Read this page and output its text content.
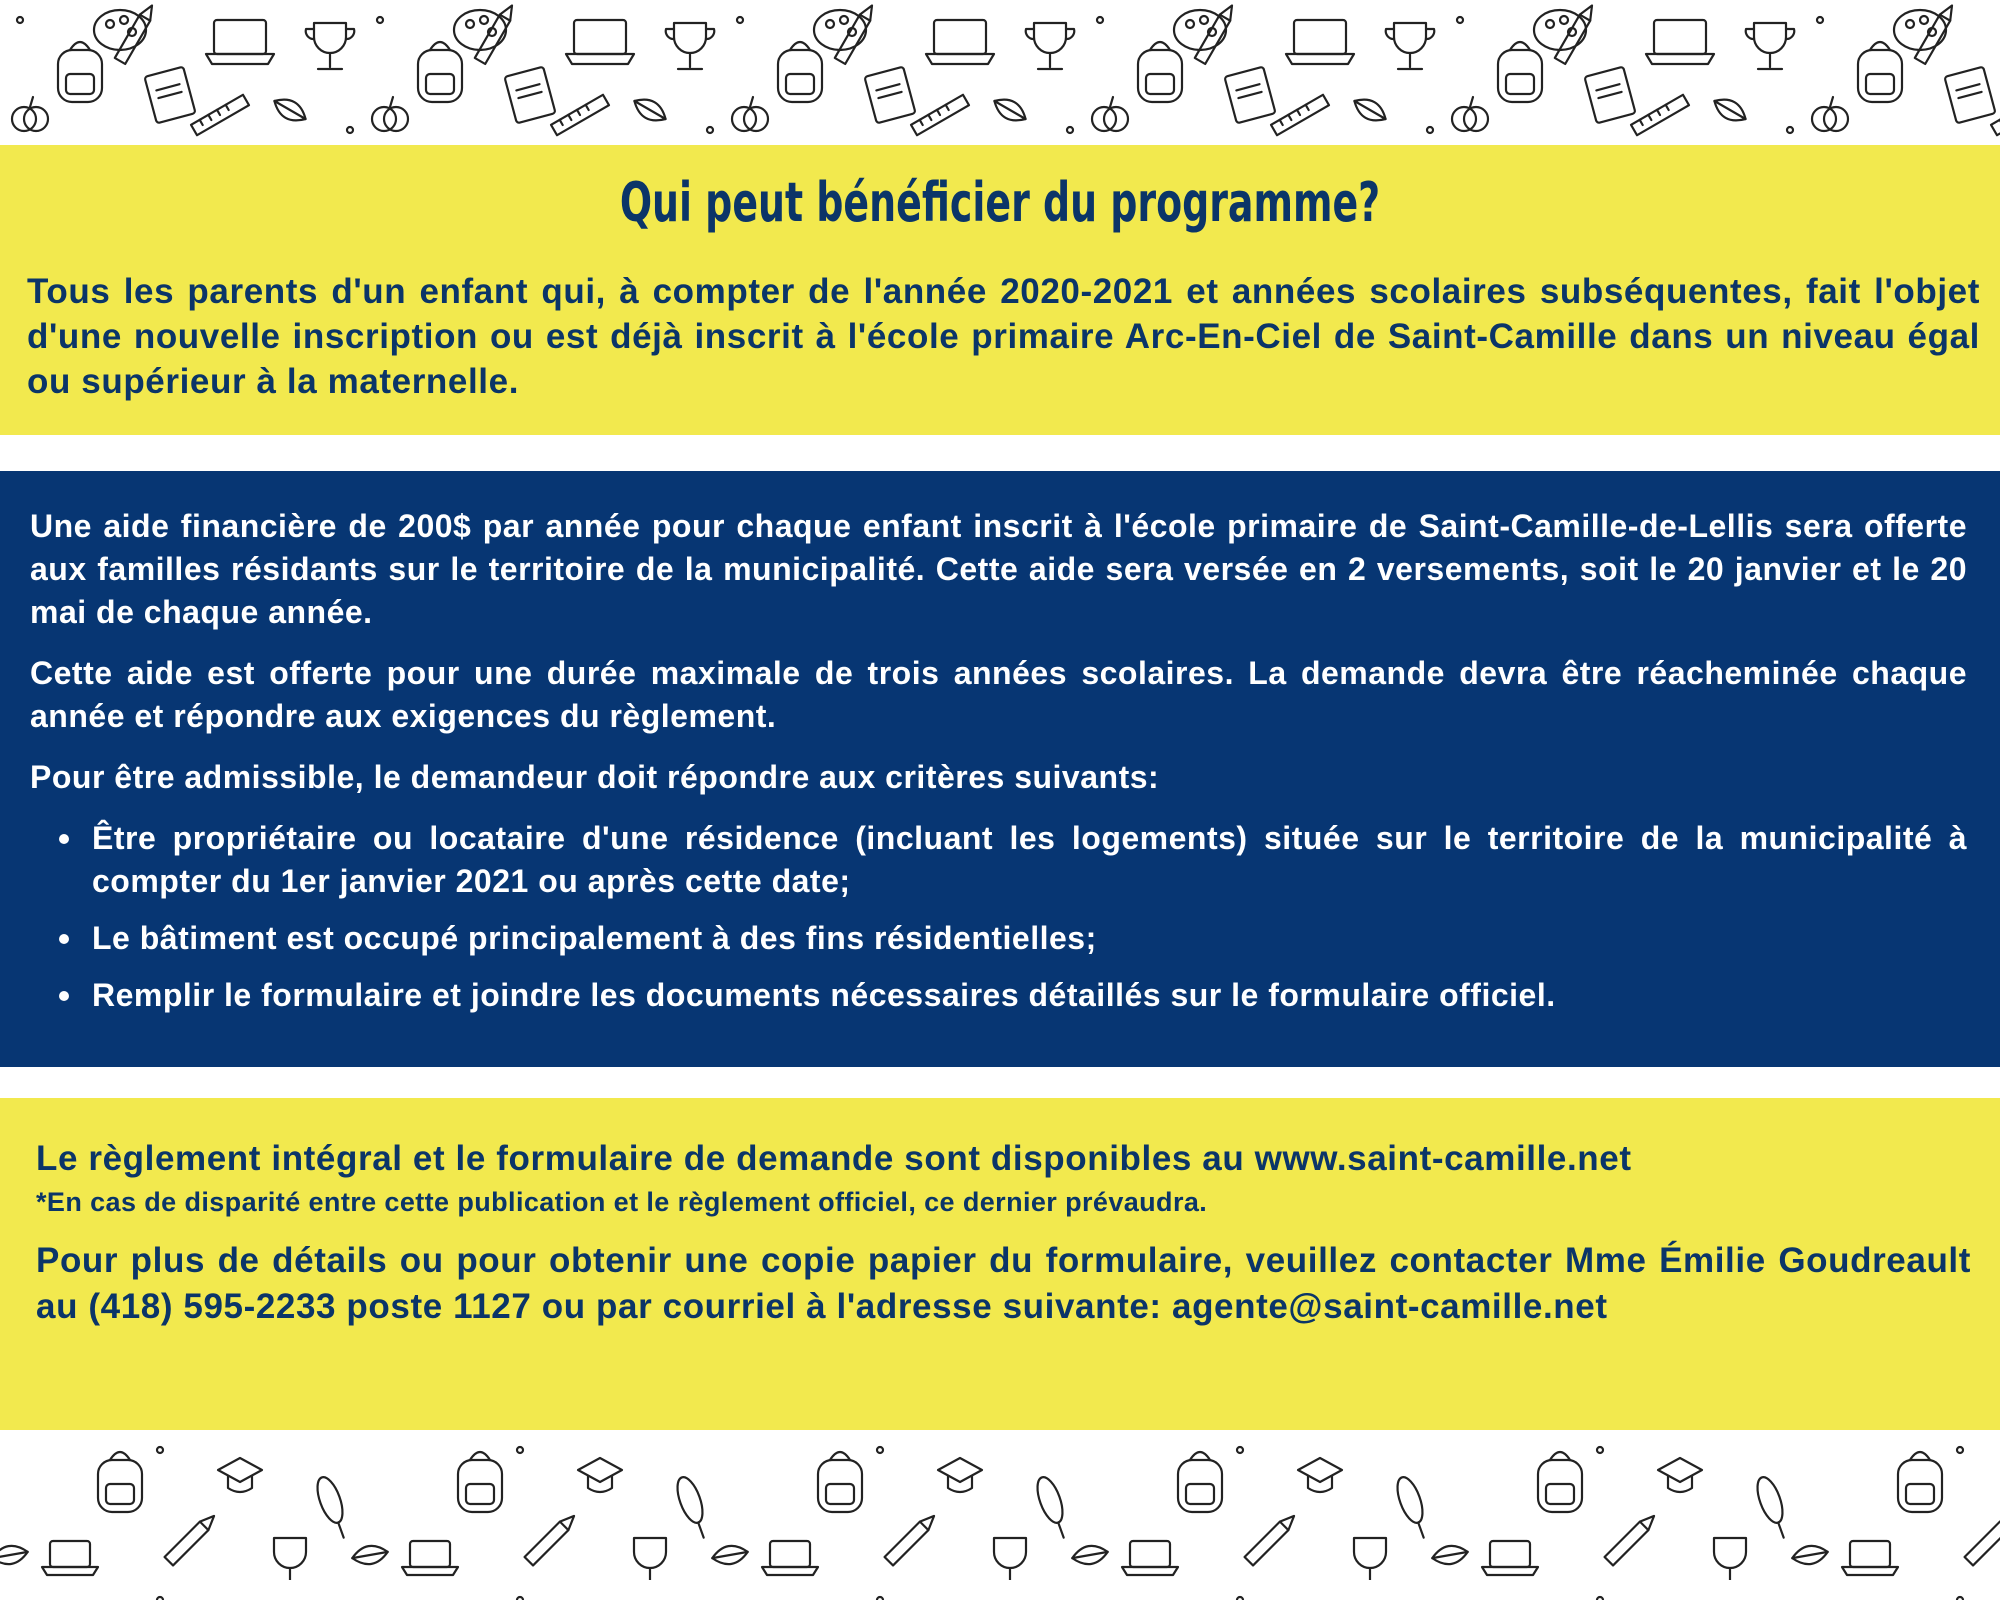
Qui peut bénéficier du programme?
Tous les parents d'un enfant qui, à compter de l'année 2020-2021 et années scolaires subséquentes, fait l'objet d'une nouvelle inscription ou est déjà inscrit à l'école primaire Arc-En-Ciel de Saint-Camille dans un niveau égal ou supérieur à la maternelle.

Une aide financière de 200$ par année pour chaque enfant inscrit à l'école primaire de Saint-Camille-de-Lellis sera offerte aux familles résidants sur le territoire de la municipalité. Cette aide sera versée en 2 versements, soit le 20 janvier et le 20 mai de chaque année.

Cette aide est offerte pour une durée maximale de trois années scolaires. La demande devra être réacheminée chaque année et répondre aux exigences du règlement.

Pour être admissible, le demandeur doit répondre aux critères suivants:

Être propriétaire ou locataire d'une résidence (incluant les logements) située sur le territoire de la municipalité à compter du 1er janvier 2021 ou après cette date;
Le bâtiment est occupé principalement à des fins résidentielles;
Remplir le formulaire et joindre les documents nécessaires détaillés sur le formulaire officiel.
Le règlement intégral et le formulaire de demande sont disponibles au www.saint-camille.net
*En cas de disparité entre cette publication et le règlement officiel, ce dernier prévaudra.
Pour plus de détails ou pour obtenir une copie papier du formulaire, veuillez contacter Mme Émilie Goudreault au (418) 595-2233 poste 1127 ou par courriel à l'adresse suivante: agente@saint-camille.net
